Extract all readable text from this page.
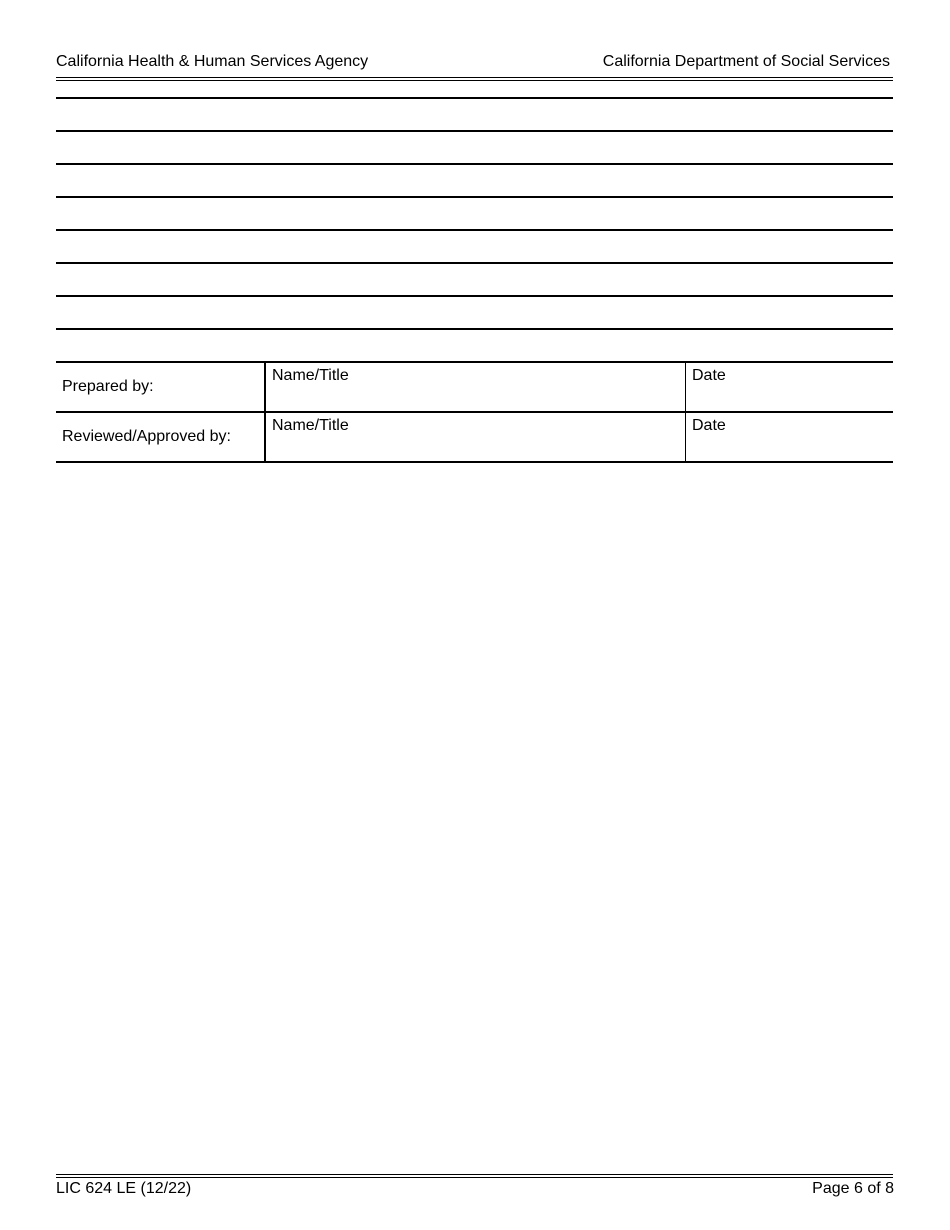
California Health & Human Services Agency	California Department of Social Services
Prepared by:	Name/Title	Date
Reviewed/Approved by:	Name/Title	Date
LIC 624 LE (12/22)	Page 6 of 8
